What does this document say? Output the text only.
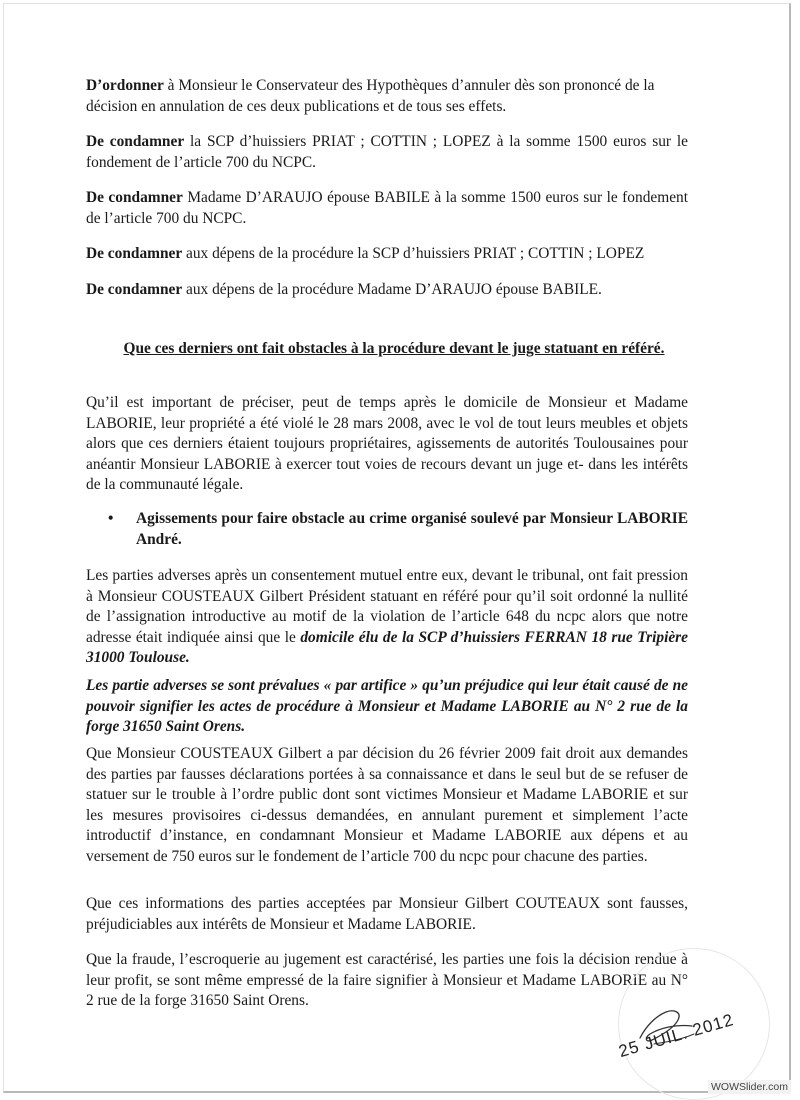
D’ordonner à Monsieur le Conservateur des Hypothèques d’annuler dès son prononcé de la décision en annulation de ces deux publications et de tous ses effets.
De condamner la SCP d’huissiers PRIAT ; COTTIN ; LOPEZ à la somme 1500 euros sur le fondement de l’article 700 du NCPC.
De condamner Madame D’ARAUJO épouse BABILE à la somme 1500 euros sur le fondement de l’article 700 du NCPC.
De condamner aux dépens de la procédure la SCP d’huissiers PRIAT ; COTTIN ; LOPEZ
De condamner aux dépens de la procédure Madame D’ARAUJO épouse BABILE.
Que ces derniers ont fait obstacles à la procédure devant le juge statuant en référé.
Qu’il est important de préciser, peut de temps après le domicile de Monsieur et Madame LABORIE, leur propriété a été violé le 28 mars 2008, avec le vol de tout leurs meubles et objets alors que ces derniers étaient toujours propriétaires, agissements de autorités Toulousaines pour anéantir Monsieur LABORIE à exercer tout voies de recours devant un juge et- dans les intérêts de la communauté légale.
• Agissements pour faire obstacle au crime organisé soulevé par Monsieur LABORIE André.
Les parties adverses après un consentement mutuel entre eux, devant le tribunal, ont fait pression à Monsieur COUSTEAUX Gilbert Président statuant en référé pour qu’il soit ordonné la nullité de l’assignation introductive au motif de la violation de l’article 648 du ncpc alors que notre adresse était indiquée ainsi que le domicile élu de la SCP d’huissiers FERRAN 18 rue Tripière 31000 Toulouse.
Les partie adverses se sont prévalues « par artifice » qu’un préjudice qui leur était causé de ne pouvoir signifier les actes de procédure à Monsieur et Madame LABORIE au N° 2 rue de la forge 31650 Saint Orens.
Que Monsieur COUSTEAUX Gilbert a par décision du 26 février 2009 fait droit aux demandes des parties par fausses déclarations portées à sa connaissance et dans le seul but de se refuser de statuer sur le trouble à l’ordre public dont sont victimes Monsieur et Madame LABORIE et sur les mesures provisoires ci-dessus demandées, en annulant purement et simplement l’acte introductif d’instance, en condamnant Monsieur et Madame LABORIE aux dépens et au versement de 750 euros sur le fondement de l’article 700 du ncpc pour chacune des parties.
Que ces informations des parties acceptées par Monsieur Gilbert COUTEAUX sont fausses, préjudiciables aux intérêts de Monsieur et Madame LABORIE.
Que la fraude, l’escroquerie au jugement est caractérisé, les parties une fois la décision rendue à leur profit, se sont même empressé de la faire signifier à Monsieur et Madame LABORIE au N° 2 rue de la forge 31650 Saint Orens.
25 JUIL. 2012
WOWSlider.com
